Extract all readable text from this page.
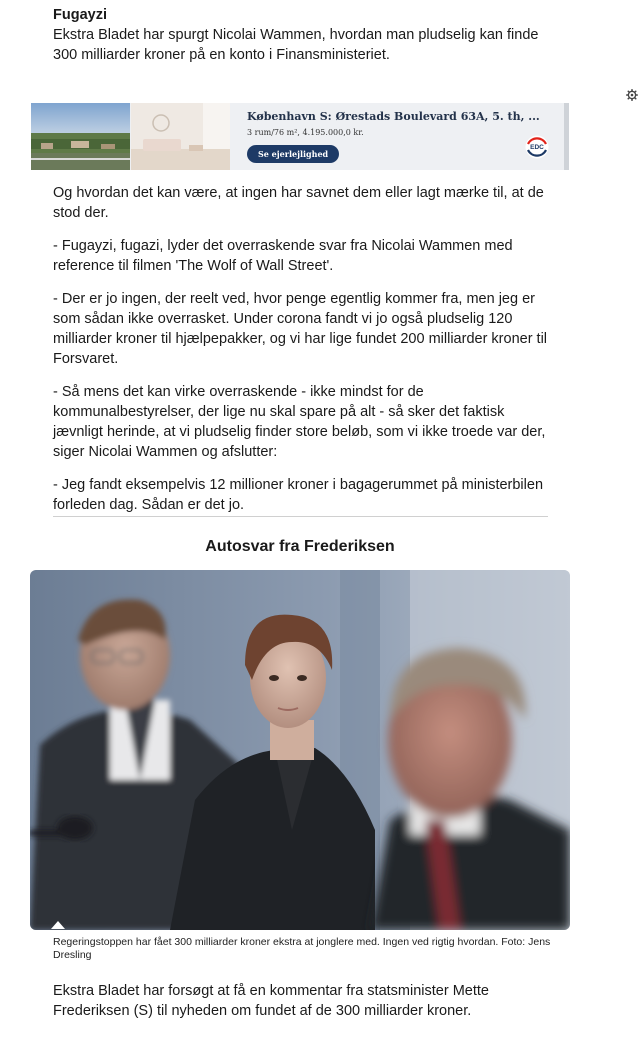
Fugayzi

Ekstra Bladet har spurgt Nicolai Wammen, hvordan man pludselig kan finde 300 milliarder kroner på en konto i Finansministeriet.

København S: Ørestads Boulevard 63A, 5. th, ...
3 rum/76 m², 4.195.000,0 kr.
Se ejerlejlighed
EDC

Og hvordan det kan være, at ingen har savnet dem eller lagt mærke til, at de stod der.

- Fugayzi, fugazi, lyder det overraskende svar fra Nicolai Wammen med reference til filmen 'The Wolf of Wall Street'.

- Der er jo ingen, der reelt ved, hvor penge egentlig kommer fra, men jeg er som sådan ikke overrasket. Under corona fandt vi jo også pludselig 120 milliarder kroner til hjælpepakker, og vi har lige fundet 200 milliarder kroner til Forsvaret.

- Så mens det kan virke overraskende - ikke mindst for de kommunalbestyrelser, der lige nu skal spare på alt - så sker det faktisk jævnligt herinde, at vi pludselig finder store beløb, som vi ikke troede var der, siger Nicolai Wammen og afslutter:

- Jeg fandt eksempelvis 12 millioner kroner i bagagerummet på ministerbilen forleden dag. Sådan er det jo.

Autosvar fra Frederiksen
Regeringstoppen har fået 300 milliarder kroner ekstra at jonglere med. Ingen ved rigtig hvordan. Foto: Jens Dresling

Ekstra Bladet har forsøgt at få en kommentar fra statsminister Mette Frederiksen (S) til nyheden om fundet af de 300 milliarder kroner.
